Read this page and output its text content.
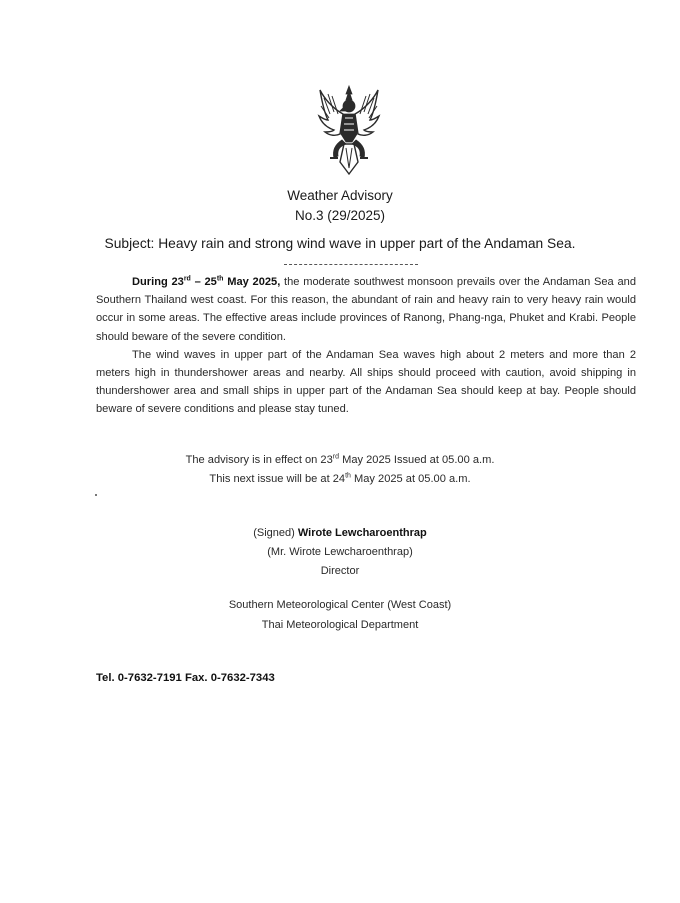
Weather Advisory
No.3 (29/2025)
Subject: Heavy rain and strong wind wave in upper part of the Andaman Sea.

During 23rd – 25th May 2025, the moderate southwest monsoon prevails over the Andaman Sea and Southern Thailand west coast. For this reason, the abundant of rain and heavy rain to very heavy rain would occur in some areas. The effective areas include provinces of Ranong, Phang-nga, Phuket and Krabi. People should beware of the severe condition.

The wind waves in upper part of the Andaman Sea waves high about 2 meters and more than 2 meters high in thundershower areas and nearby. All ships should proceed with caution, avoid shipping in thundershower area and small ships in upper part of the Andaman Sea should keep at bay. People should beware of severe conditions and please stay tuned.

The advisory is in effect on 23rd May 2025 Issued at 05.00 a.m.
This next issue will be at 24th May 2025 at 05.00 a.m.
(Signed) Wirote Lewcharoenthrap
(Mr. Wirote Lewcharoenthrap)
Director
Southern Meteorological Center (West Coast)
Thai Meteorological Department
Tel. 0-7632-7191 Fax. 0-7632-7343
